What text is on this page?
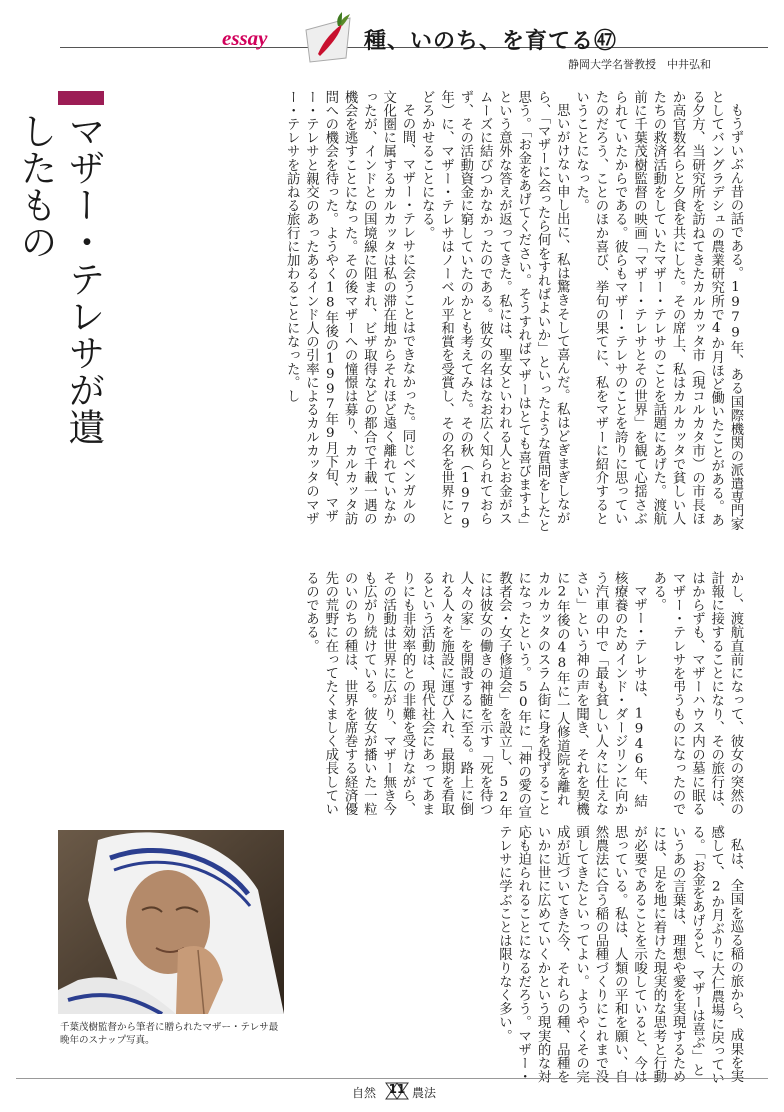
essay	種、いのち、を育てる㊼
静岡大学名誉教授　中井弘和
マザー・テレサが遺したもの	もうずいぶん昔の話である。1979年、ある国際機関の派遣専門家としてバングラデシュの農業研究所で4か月ほど働いたことがある。ある夕方、当研究所を訪ねてきたカルカッタ市（現コルカタ市）の市長ほか高官数名らと夕食を共にした。その席上、私はカルカッタで貧しい人たちの救済活動をしていたマザー・テレサのことを話題にあげた。渡航前に千葉茂樹監督の映画「マザー・テレサとその世界」を観て心揺さぶられていたからである。彼らもマザー・テレサのことを誇りに思っていたのだろう、ことのほか喜び、挙句の果てに、私をマザーに紹介するということになった。
思いがけない申し出に、私は驚きそして喜んだ。私はどぎまぎしながら、「マザーに会ったら何をすればよいか」といったような質問をしたと思う。「お金をあげてください。そうすればマザーはとても喜びますよ」という意外な答えが返ってきた。私には、聖女といわれる人とお金がスムーズに結びつかなかったのである。彼女の名はなお広く知られておらず、その活動資金に窮していたのかとも考えてみた。その秋（1979年）に、マザー・テレサはノーベル平和賞を受賞し、その名を世界にとどろかせることになる。
その間、マザー・テレサに会うことはできなかった。同じベンガルの文化圏に属するカルカッタは私の滞在地からそれほど遠く離れていなかったが、インドとの国境線に阻まれ、ビザ取得などの都合で千載一遇の機会を逃すことになった。その後マザーへの憧憬は募り、カルカッタ訪問への機会を待った。ようやく18年後の1997年9月下旬、マザー・テレサと親交のあったあるインド人の引率によるカルカッタのマザー・テレサを訪ねる旅行に加わることになった。し
かし、渡航直前になって、彼女の突然の計報に接することになり、その旅行は、はからずも、マザーハウス内の墓に眠るマザー・テレサを弔うものになったのである。
マザー・テレサは、1946年、結核療養のためインド・ダージリンに向かう汽車の中で「最も貧しい人々に仕えなさい」という神の声を聞き、それを契機に2年後の48年に一人修道院を離れカルカッタのスラム街に身を投ずることになったという。50年に「神の愛の宣教者会・女子修道会」を設立し、52年には彼女の働きの神髄を示す「死を待つ人々の家」を開設するに至る。路上に倒れる人々を施設に運び入れ、最期を看取るという活動は、現代社会にあってあまりにも非効率的との非難を受けながら、その活動は世界に広がり、マザー無き今も広がり続けている。彼女が播いた一粒のいのちの種は、世界を席巻する経済優先の荒野に在ってたくましく成長しているのである。
私は、全国を巡る稲の旅から、成果を実感して、2か月ぶりに大仁農場に戻っている。「お金をあげると、マザーは喜ぶ」というあの言葉は、理想や愛を実現するためには、足を地に着けた現実的な思考と行動が必要であることを示唆していると、今は思っている。私は、人類の平和を願い、自然農法に合う稲の品種づくりにこれまで没頭してきたといってよい。ようやくその完成が近づいてきた今、それらの種、品種をいかに世に広めていくかという現実的な対応も迫られることになるだろう。マザー・テレサに学ぶことは限りなく多い。
千葉茂樹監督から筆者に贈られたマザー・テレサ最晩年のスナップ写真。
自然	11 農法
